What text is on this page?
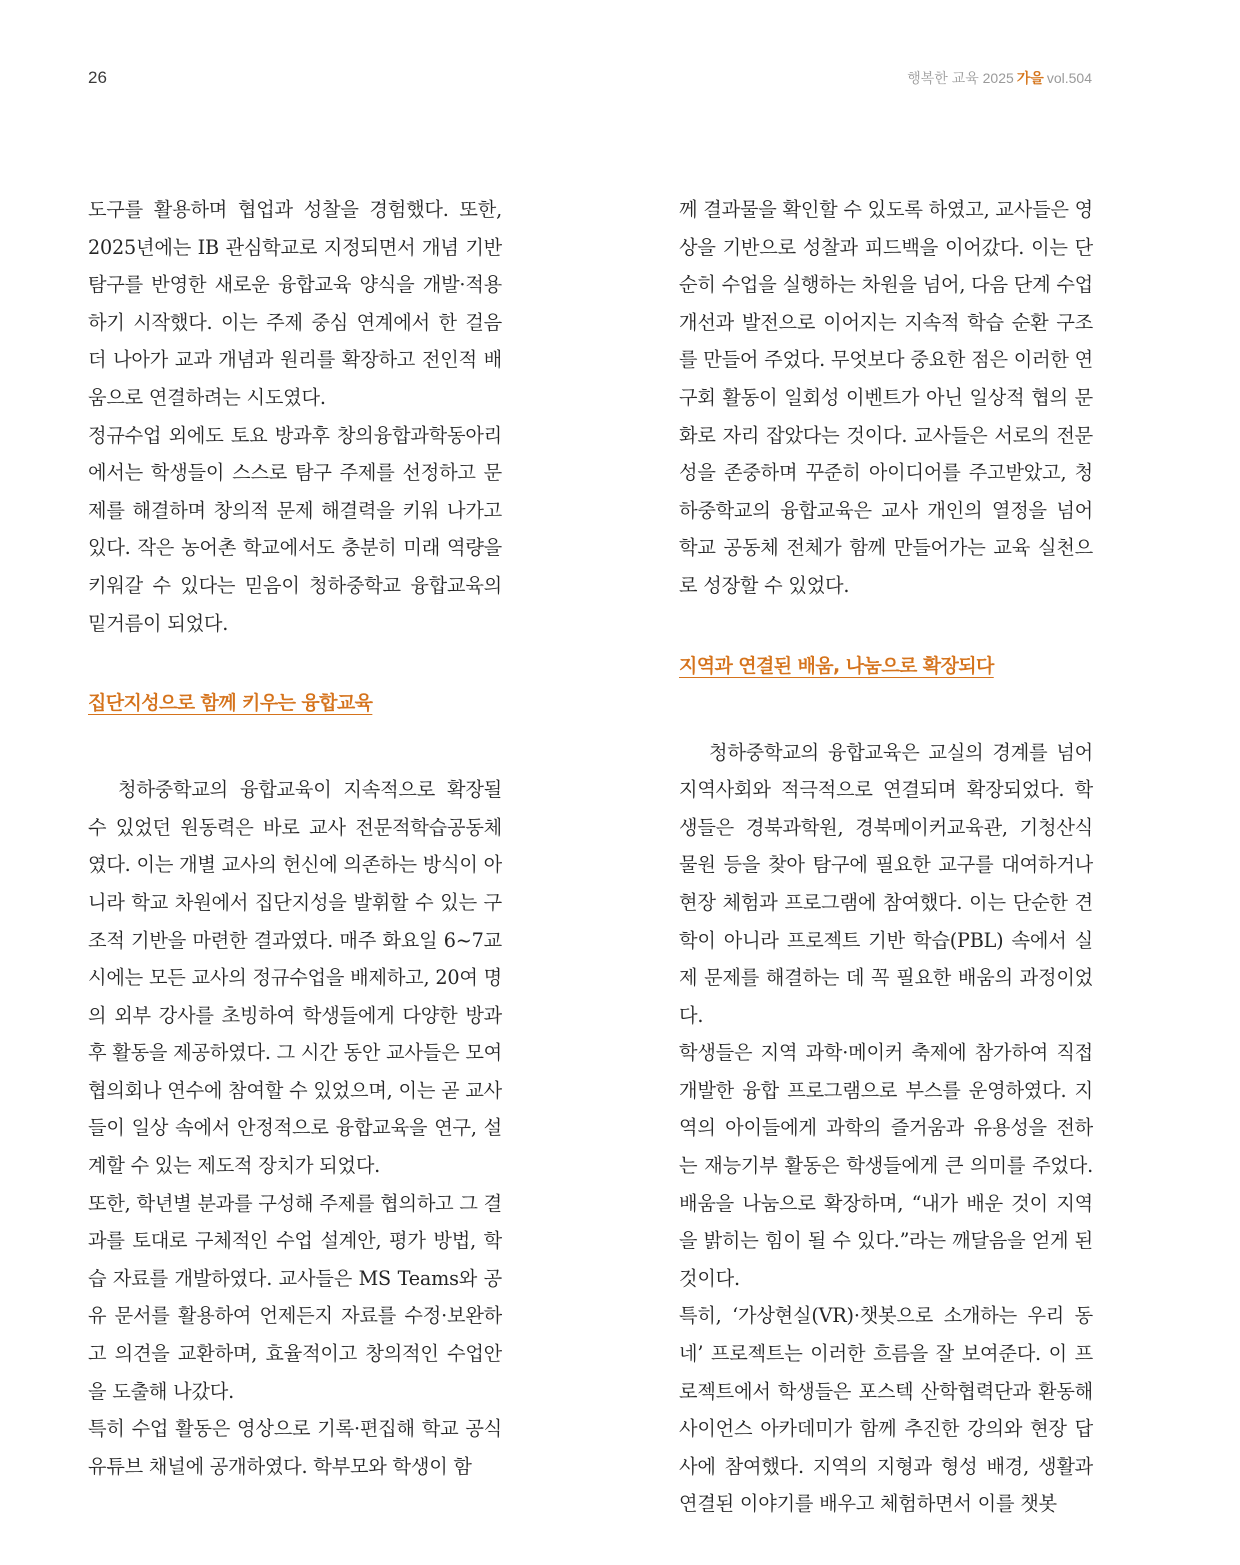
26	행복한 교육 2025 가을 vol.504

도구를 활용하며 협업과 성찰을 경험했다. 또한, 2025년에는 IB 관심학교로 지정되면서 개념 기반 탐구를 반영한 새로운 융합교육 양식을 개발·적용하기 시작했다. 이는 주제 중심 연계에서 한 걸음 더 나아가 교과 개념과 원리를 확장하고 전인적 배움으로 연결하려는 시도였다.

정규수업 외에도 토요 방과후 창의융합과학동아리에서는 학생들이 스스로 탐구 주제를 선정하고 문제를 해결하며 창의적 문제 해결력을 키워 나가고 있다. 작은 농어촌 학교에서도 충분히 미래 역량을 키워갈 수 있다는 믿음이 청하중학교 융합교육의 밑거름이 되었다.

집단지성으로 함께 키우는 융합교육

청하중학교의 융합교육이 지속적으로 확장될 수 있었던 원동력은 바로 교사 전문적학습공동체였다. 이는 개별 교사의 헌신에 의존하는 방식이 아니라 학교 차원에서 집단지성을 발휘할 수 있는 구조적 기반을 마련한 결과였다. 매주 화요일 6~7교시에는 모든 교사의 정규수업을 배제하고, 20여 명의 외부 강사를 초빙하여 학생들에게 다양한 방과후 활동을 제공하였다. 그 시간 동안 교사들은 모여 협의회나 연수에 참여할 수 있었으며, 이는 곧 교사들이 일상 속에서 안정적으로 융합교육을 연구, 설계할 수 있는 제도적 장치가 되었다.

또한, 학년별 분과를 구성해 주제를 협의하고 그 결과를 토대로 구체적인 수업 설계안, 평가 방법, 학습 자료를 개발하였다. 교사들은 MS Teams와 공유 문서를 활용하여 언제든지 자료를 수정·보완하고 의견을 교환하며, 효율적이고 창의적인 수업안을 도출해 나갔다.

특히 수업 활동은 영상으로 기록·편집해 학교 공식 유튜브 채널에 공개하였다. 학부모와 학생이 함

께 결과물을 확인할 수 있도록 하였고, 교사들은 영상을 기반으로 성찰과 피드백을 이어갔다. 이는 단순히 수업을 실행하는 차원을 넘어, 다음 단계 수업 개선과 발전으로 이어지는 지속적 학습 순환 구조를 만들어 주었다. 무엇보다 중요한 점은 이러한 연구회 활동이 일회성 이벤트가 아닌 일상적 협의 문화로 자리 잡았다는 것이다. 교사들은 서로의 전문성을 존중하며 꾸준히 아이디어를 주고받았고, 청하중학교의 융합교육은 교사 개인의 열정을 넘어 학교 공동체 전체가 함께 만들어가는 교육 실천으로 성장할 수 있었다.

지역과 연결된 배움, 나눔으로 확장되다

청하중학교의 융합교육은 교실의 경계를 넘어 지역사회와 적극적으로 연결되며 확장되었다. 학생들은 경북과학원, 경북메이커교육관, 기청산식물원 등을 찾아 탐구에 필요한 교구를 대여하거나 현장 체험과 프로그램에 참여했다. 이는 단순한 견학이 아니라 프로젝트 기반 학습(PBL) 속에서 실제 문제를 해결하는 데 꼭 필요한 배움의 과정이었다.

학생들은 지역 과학·메이커 축제에 참가하여 직접 개발한 융합 프로그램으로 부스를 운영하였다. 지역의 아이들에게 과학의 즐거움과 유용성을 전하는 재능기부 활동은 학생들에게 큰 의미를 주었다. 배움을 나눔으로 확장하며, “내가 배운 것이 지역을 밝히는 힘이 될 수 있다.”라는 깨달음을 얻게 된 것이다.

특히, ‘가상현실(VR)·챗봇으로 소개하는 우리 동네’ 프로젝트는 이러한 흐름을 잘 보여준다. 이 프로젝트에서 학생들은 포스텍 산학협력단과 환동해 사이언스 아카데미가 함께 추진한 강의와 현장 답사에 참여했다. 지역의 지형과 형성 배경, 생활과 연결된 이야기를 배우고 체험하면서 이를 챗봇
